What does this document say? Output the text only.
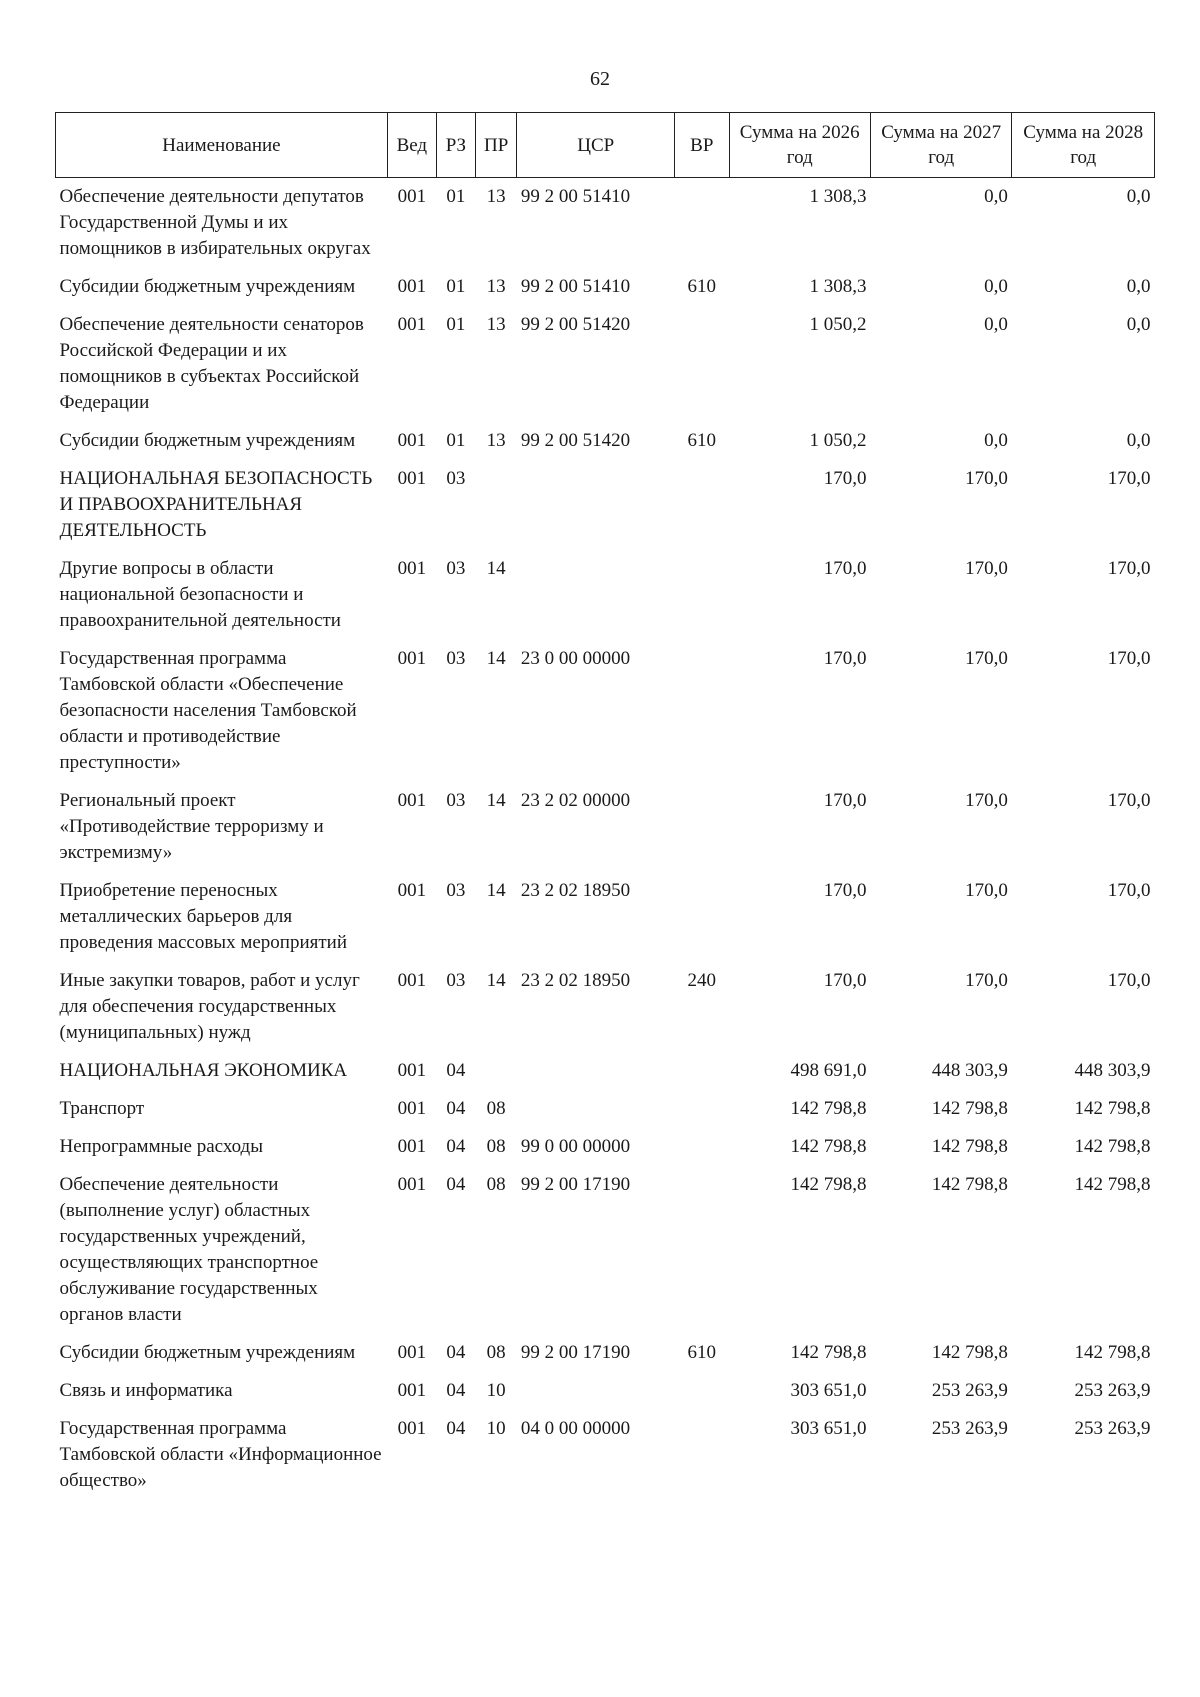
62
Наименование	Вед	РЗ	ПР	ЦСР	ВР	Сумма на 2026 год	Сумма на 2027 год	Сумма на 2028 год
Обеспечение деятельности депутатов Государственной Думы и их помощников в избирательных округах	001	01	13	99 2 00 51410		1 308,3	0,0	0,0
Субсидии бюджетным учреждениям	001	01	13	99 2 00 51410	610	1 308,3	0,0	0,0
Обеспечение деятельности сенаторов Российской Федерации и их помощников в субъектах Российской Федерации	001	01	13	99 2 00 51420		1 050,2	0,0	0,0
Субсидии бюджетным учреждениям	001	01	13	99 2 00 51420	610	1 050,2	0,0	0,0
НАЦИОНАЛЬНАЯ БЕЗОПАСНОСТЬ И ПРАВООХРАНИТЕЛЬНАЯ ДЕЯТЕЛЬНОСТЬ	001	03				170,0	170,0	170,0
Другие вопросы в области национальной безопасности и правоохранительной деятельности	001	03	14			170,0	170,0	170,0
Государственная программа Тамбовской области «Обеспечение безопасности населения Тамбовской области и противодействие преступности»	001	03	14	23 0 00 00000		170,0	170,0	170,0
Региональный проект «Противодействие терроризму и экстремизму»	001	03	14	23 2 02 00000		170,0	170,0	170,0
Приобретение переносных металлических барьеров для проведения массовых мероприятий	001	03	14	23 2 02 18950		170,0	170,0	170,0
Иные закупки товаров, работ и услуг для обеспечения государственных (муниципальных) нужд	001	03	14	23 2 02 18950	240	170,0	170,0	170,0
НАЦИОНАЛЬНАЯ ЭКОНОМИКА	001	04				498 691,0	448 303,9	448 303,9
Транспорт	001	04	08			142 798,8	142 798,8	142 798,8
Непрограммные расходы	001	04	08	99 0 00 00000		142 798,8	142 798,8	142 798,8
Обеспечение деятельности (выполнение услуг) областных государственных учреждений, осуществляющих транспортное обслуживание государственных органов власти	001	04	08	99 2 00 17190		142 798,8	142 798,8	142 798,8
Субсидии бюджетным учреждениям	001	04	08	99 2 00 17190	610	142 798,8	142 798,8	142 798,8
Связь и информатика	001	04	10			303 651,0	253 263,9	253 263,9
Государственная программа Тамбовской области «Информационное общество»	001	04	10	04 0 00 00000		303 651,0	253 263,9	253 263,9
